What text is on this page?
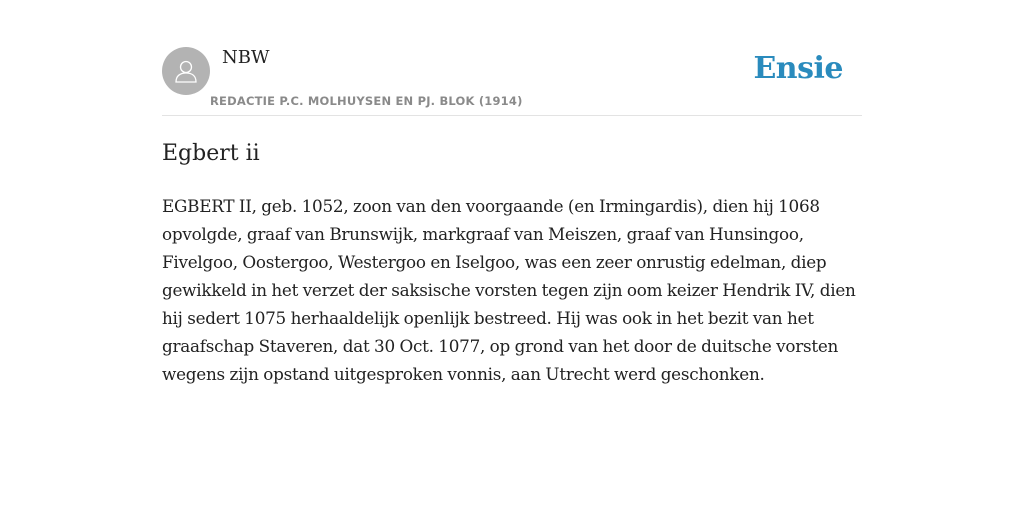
NBW
REDACTIE P.C. MOLHUYSEN EN PJ. BLOK (1914)
Ensie
Egbert ii

EGBERT II, geb. 1052, zoon van den voorgaande (en Irmingardis), dien hij 1068 opvolgde, graaf van Brunswijk, markgraaf van Meiszen, graaf van Hunsingoo, Fivelgoo, Oostergoo, Westergoo en Iselgoo, was een zeer onrustig edelman, diep gewikkeld in het verzet der saksische vorsten tegen zijn oom keizer Hendrik IV, dien hij sedert 1075 herhaaldelijk openlijk bestreed. Hij was ook in het bezit van het graafschap Staveren, dat 30 Oct. 1077, op grond van het door de duitsche vorsten wegens zijn opstand uitgesproken vonnis, aan Utrecht werd geschonken.
